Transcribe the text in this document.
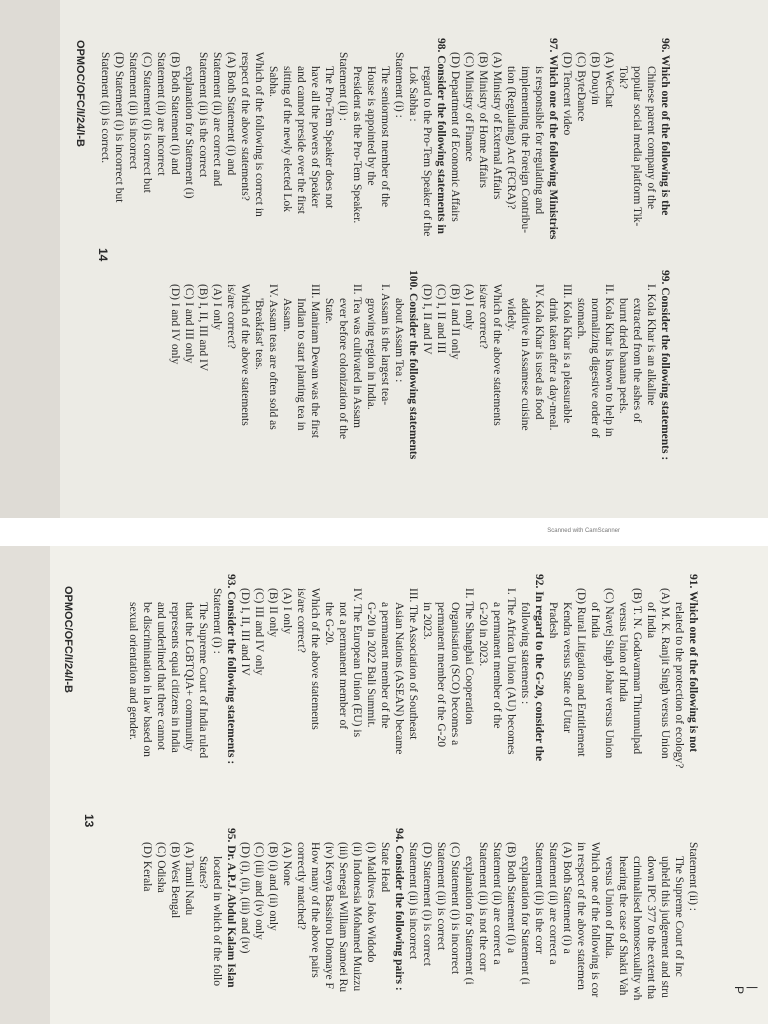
96. Which one of the following is the

Chinese parent company of the

popular social media platform Tik-

Tok?

(A) WeChat

(B) Douyin

(C) ByteDance

(D) Tencent video

97. Which one of the following Ministries

is responsible for regulating and

implementing the Foreign Contribu-

tion (Regulating) Act (FCRA)?

(A) Ministry of External Affairs

(B) Ministry of Home Affairs

(C) Ministry of Finance

(D) Department of Economic Affairs

98. Consider the following statements in

regard to the Pro-Tem Speaker of the

Lok Sabha :

Statement (i) :

The seniormost member of the

House is appointed by the

President as the Pro-Tem Speaker.

Statement (ii) :

The Pro-Tem Speaker does not

have all the powers of Speaker

and cannot preside over the first

sitting of the newly elected Lok

Sabha.

Which of the following is correct in

respect of the above statements?

(A) Both Statement (i) and

Statement (ii) are correct and

Statement (ii) is the correct

explanation for Statement (i)

(B) Both Statement (i) and

Statement (ii) are incorrect

(C) Statement (i) is correct but

Statement (ii) is incorrect

(D) Statement (i) is incorrect but

Statement (ii) is correct.

99. Consider the following statements :

I. Kola Khar is an alkaline

extracted from the ashes of

burnt dried banana peels.

II. Kola Khar is known to help in

normalizing digestive order of

stomach.

III. Kola Khar is a pleasurable

drink taken after a day-meal.

IV. Kola Khar is used as food

additive in Assamese cuisine

widely.

Which of the above statements

is/are correct?

(A) I only

(B) I and II only

(C) I, II and III

(D) I, II and IV

100. Consider the following statements

about Assam Tea :

I. Assam is the largest tea-

growing region in India.

II. Tea was cultivated in Assam

ever before colonization of the

State.

III. Maniram Dewan was the first

Indian to start planting tea in

Assam.

IV. Assam teas are often sold as

'Breakfast' teas.

Which of the above statements

is/are correct?

(A) I only

(B) I, II, III and IV

(C) I and III only

(D) I and IV only

14
OPMOC/OFC/I/24/I-B
Scanned with CamScanner

91. Which one of the following is not

related to the protection of ecology?

(A) M. K. Ranjit Singh versus Union

of India

(B) T. N. Godavarman Thirumulpad

versus Union of India

(C) Navtej Singh Johar versus Union

of India

(D) Rural Litigation and Entitlement

Kendra versus State of Uttar

Pradesh

92. In regard to the G-20, consider the

following statements :

I. The African Union (AU) becomes

a permanent member of the

G-20 in 2023.

II. The Shanghai Cooperation

Organisation (SCO) becomes a

permanent member of the G-20

in 2023.

III. The Association of Southeast

Asian Nations (ASEAN) became

a permanent member of the

G-20 in 2022 Bali Summit.

IV. The European Union (EU) is

not a permanent member of

the G-20.

Which of the above statements

is/are correct?

(A) I only

(B) II only

(C) III and IV only

(D) I, II, III and IV

93. Consider the following statements :

Statement (i) :

The Supreme Court of India ruled

that the LGBTQIA+ community

represents equal citizens in India

and underlined that there cannot

be discrimination in law based on

sexual orientation and gender.

Statement (ii) :

The Supreme Court of Inc

upheld this judgement and stru

down IPC 377 to the extent tha

criminalised homosexuality wh

hearing the case of Shakti Vah

versus Union of India.

Which one of the following is cor

in respect of the above statemen

(A) Both Statement (i) a

Statement (ii) are correct a

Statement (ii) is the corr

explanation for Statement (i

(B) Both Statement (i) a

Statement (ii) are correct a

Statement (ii) is not the corr

explanation for Statement (i

(C) Statement (i) is incorrect

Statement (ii) is correct

(D) Statement (i) is correct

Statement (ii) is incorrect

94. Consider the following pairs :

State Head

(i) Maldives Joko Widodo

(ii) Indonesia Mohamed Muizzu

(iii) Senegal William Samoei Ru

(iv) Kenya Bassirou Diomaye F

How many of the above pairs

correctly matched?

(A) None

(B) (i) and (ii) only

(C) (iii) and (iv) only

(D) (i), (ii), (iii) and (iv)

95. Dr. A.P.J. Abdul Kalam Islan

located in which of the follo

States?

(A) Tamil Nadu

(B) West Bengal

(C) Odisha

(D) Kerala

13
OPMOC/OFC/I/24/I-B
| P
